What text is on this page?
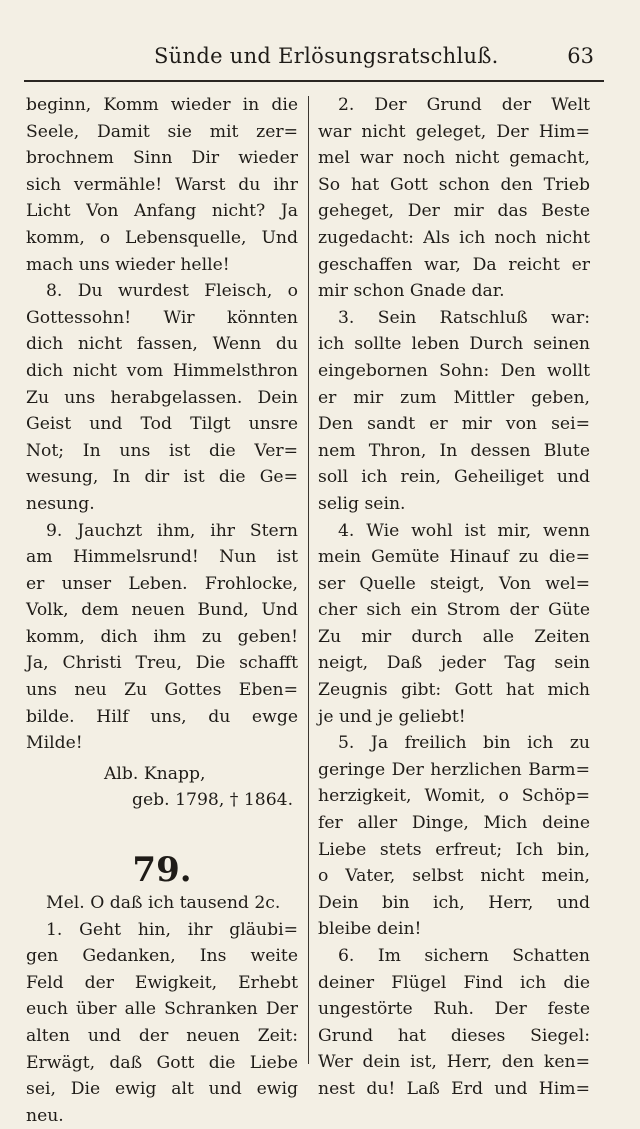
Sünde und Erlösungsratschluß.	63
beginn, Komm wieder in die
Seele, Damit sie mit zer=
brochnem Sinn Dir wieder
sich vermähle! Warst du ihr
Licht Von Anfang nicht? Ja
komm, o Lebensquelle, Und
mach uns wieder helle!
8. Du wurdest Fleisch, o
Gottessohn! Wir könnten
dich nicht fassen, Wenn du
dich nicht vom Himmelsthron
Zu uns herabgelassen. Dein
Geist und Tod Tilgt unsre
Not; In uns ist die Ver=
wesung, In dir ist die Ge=
nesung.
9. Jauchzt ihm, ihr Stern
am Himmelsrund! Nun ist
er unser Leben. Frohlocke,
Volk, dem neuen Bund, Und
komm, dich ihm zu geben!
Ja, Christi Treu, Die schafft
uns neu Zu Gottes Eben=
bilde. Hilf uns, du ewge
Milde!
Alb. Knapp,
geb. 1798, † 1864.
79.
Mel. O daß ich tausend 2c.
1. Geht hin, ihr gläubi=
gen Gedanken, Ins weite
Feld der Ewigkeit, Erhebt
euch über alle Schranken Der
alten und der neuen Zeit:
Erwägt, daß Gott die Liebe
sei, Die ewig alt und ewig
neu.
2. Der Grund der Welt
war nicht geleget, Der Him=
mel war noch nicht gemacht,
So hat Gott schon den Trieb
geheget, Der mir das Beste
zugedacht: Als ich noch nicht
geschaffen war, Da reicht er
mir schon Gnade dar.
3. Sein Ratschluß war:
ich sollte leben Durch seinen
eingebornen Sohn: Den wollt
er mir zum Mittler geben,
Den sandt er mir von sei=
nem Thron, In dessen Blute
soll ich rein, Geheiliget und
selig sein.
4. Wie wohl ist mir, wenn
mein Gemüte Hinauf zu die=
ser Quelle steigt, Von wel=
cher sich ein Strom der Güte
Zu mir durch alle Zeiten
neigt, Daß jeder Tag sein
Zeugnis gibt: Gott hat mich
je und je geliebt!
5. Ja freilich bin ich zu
geringe Der herzlichen Barm=
herzigkeit, Womit, o Schöp=
fer aller Dinge, Mich deine
Liebe stets erfreut; Ich bin,
o Vater, selbst nicht mein,
Dein bin ich, Herr, und
bleibe dein!
6. Im sichern Schatten
deiner Flügel Find ich die
ungestörte Ruh. Der feste
Grund hat dieses Siegel:
Wer dein ist, Herr, den ken=
nest du! Laß Erd und Him=
